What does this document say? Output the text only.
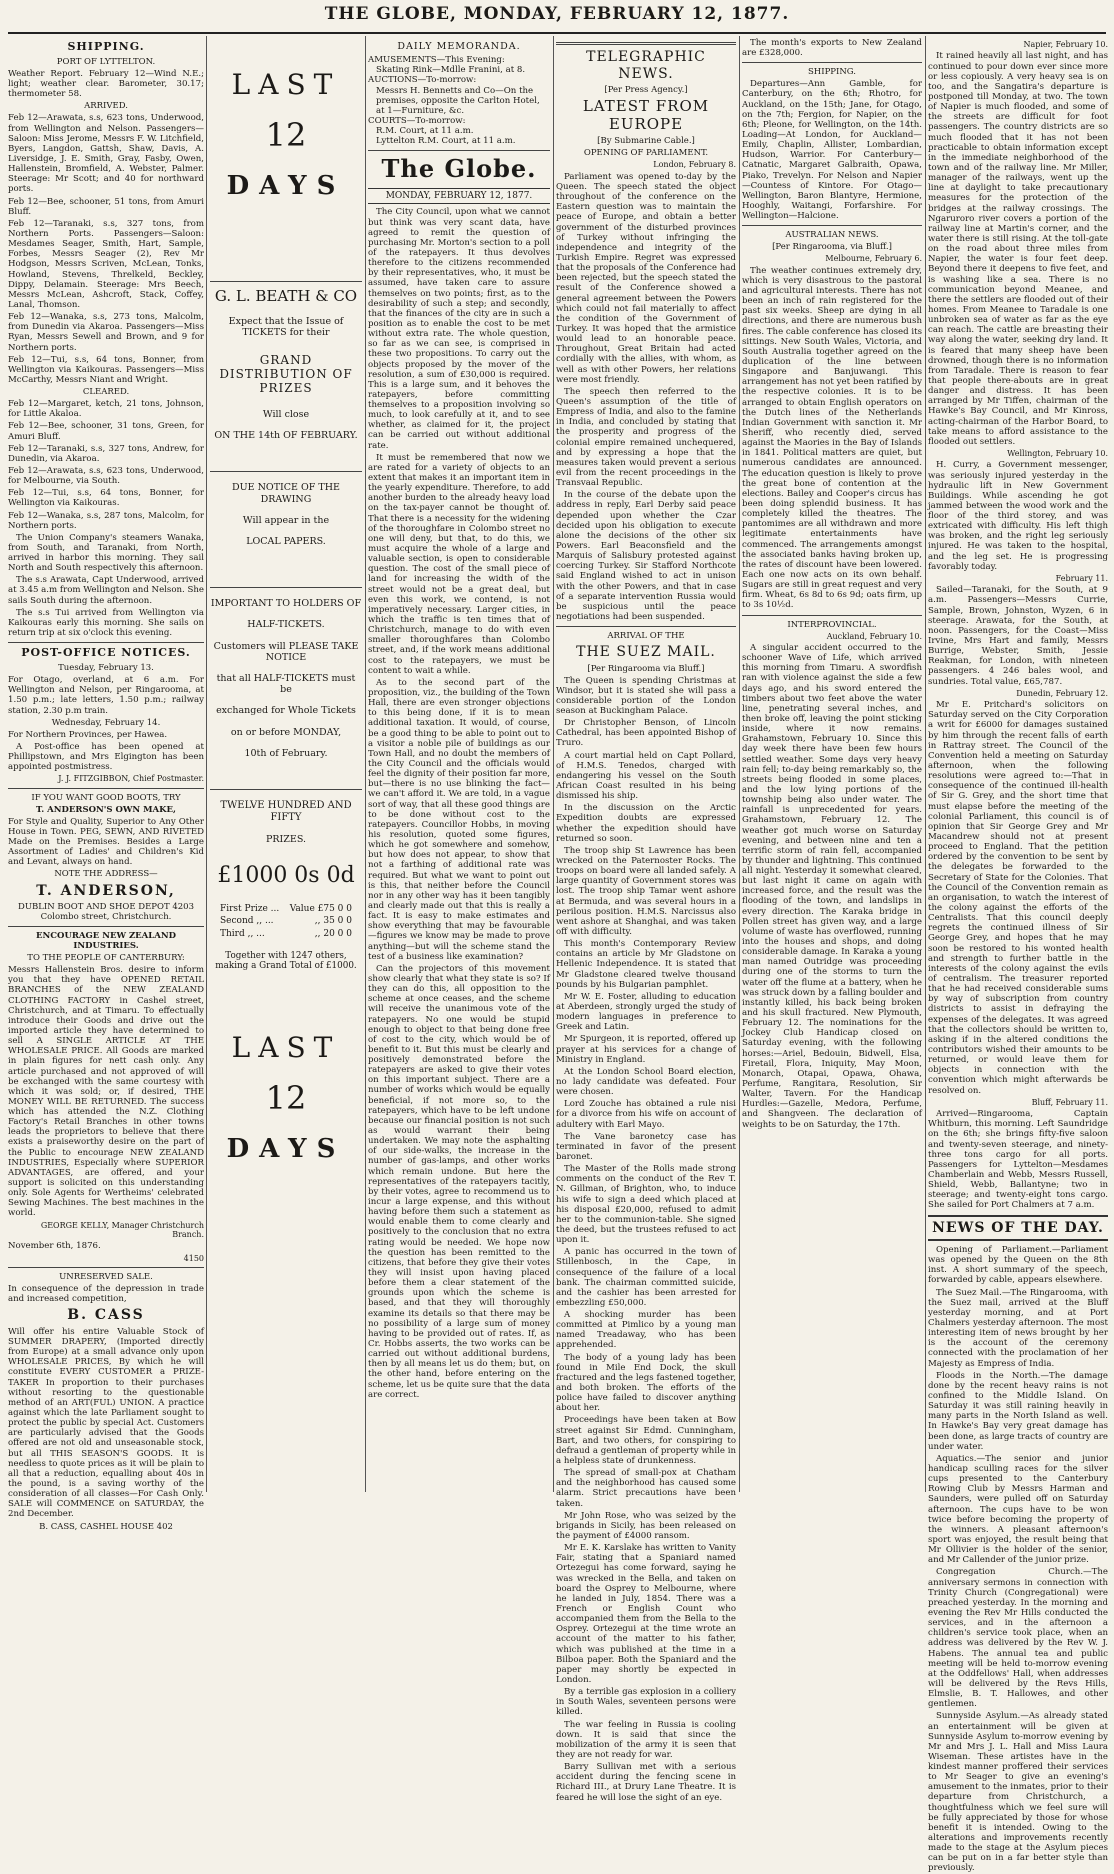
THE GLOBE, MONDAY, FEBRUARY 12, 1877.
SHIPPING.
PORT OF LYTTELTON.
Weather Report. February 12—Wind N.E.; light; weather clear. Barometer, 30.17; thermometer 58.
ARRIVED.
Feb 12—Arawata, s.s, 623 tons, Underwood, from Wellington and Nelson. Passengers—Saloon: Miss Jerome, Messrs F. W. Litchfield, Byers, Langdon, Gattsh, Shaw, Davis, A. Liversidge, J. E. Smith, Gray, Fasby, Owen, Hallenstein, Bromfield, A. Webster, Palmer. Steerage: Mr Scott; and 40 for northward ports.
Feb 12—Bee, schooner, 51 tons, from Amuri Bluff.
Feb 12—Taranaki, s.s, 327 tons, from Northern Ports. Passengers—Saloon: Mesdames Seager, Smith, Hart, Sample, Forbes, Messrs Seager (2), Rev Mr Hodgson, Messrs Scriven, McLean, Tonks, Howland, Stevens, Threlkeld, Beckley, Dippy, Delamain. Steerage: Mrs Beech, Messrs McLean, Ashcroft, Stack, Coffey, Lanal, Thomson.
Feb 12—Wanaka, s.s, 273 tons, Malcolm, from Dunedin via Akaroa. Passengers—Miss Ryan, Messrs Sewell and Brown, and 9 for Northern ports.
Feb 12—Tui, s.s, 64 tons, Bonner, from Wellington via Kaikouras. Passengers—Miss McCarthy, Messrs Niant and Wright.
CLEARED.
Feb 12—Margaret, ketch, 21 tons, Johnson, for Little Akaloa.
Feb 12—Bee, schooner, 31 tons, Green, for Amuri Bluff.
Feb 12—Taranaki, s.s, 327 tons, Andrew, for Dunedin, via Akaroa.
Feb 12—Arawata, s.s, 623 tons, Underwood, for Melbourne, via South.
Feb 12—Tui, s.s, 64 tons, Bonner, for Wellington via Kaikouras.
Feb 12—Wanaka, s.s, 287 tons, Malcolm, for Northern ports.
The Union Company's steamers Wanaka, from South, and Taranaki, from North, arrived in harbor this morning. They sail North and South respectively this afternoon.
The s.s Arawata, Capt Underwood, arrived at 3.45 a.m from Wellington and Nelson. She sails South during the afternoon.
The s.s Tui arrived from Wellington via Kaikouras early this morning. She sails on return trip at six o'clock this evening.
POST-OFFICE NOTICES.
Tuesday, February 13.
For Otago, overland, at 6 a.m. For Wellington and Nelson, per Ringarooma, at 1.50 p.m.; late letters, 1.50 p.m.; railway station, 2.30 p.m train.
Wednesday, February 14.
For Northern Provinces, per Hawea.
A Post-office has been opened at Phillipstown, and Mrs Elgington has been appointed postmistress.
J. J. FITZGIBBON, Chief Postmaster.
IF YOU WANT GOOD BOOTS, TRY
T. ANDERSON'S OWN MAKE,
For Style and Quality, Superior to Any Other House in Town. PEG, SEWN, AND RIVETED Made on the Premises. Besides a Large Assortment of Ladies' and Children's Kid and Levant, always on hand.
NOTE THE ADDRESS—
T. ANDERSON,
DUBLIN BOOT AND SHOE DEPOT 4203 Colombo street, Christchurch.
ENCOURAGE NEW ZEALAND INDUSTRIES.
TO THE PEOPLE OF CANTERBURY:
Messrs Hallenstein Bros. desire to inform you that they have OPENED RETAIL BRANCHES of the NEW ZEALAND CLOTHING FACTORY in Cashel street, Christchurch, and at Timaru. To effectually introduce their Goods and drive out the imported article they have determined to sell A SINGLE ARTICLE AT THE WHOLESALE PRICE. All Goods are marked in plain figures for nett cash only. Any article purchased and not approved of will be exchanged with the same courtesy with which it was sold; or, if desired, THE MONEY WILL BE RETURNED. The success which has attended the N.Z. Clothing Factory's Retail Branches in other towns leads the proprietors to believe that there exists a praiseworthy desire on the part of the Public to encourage NEW ZEALAND INDUSTRIES, Especially where SUPERIOR ADVANTAGES, are offered, and your support is solicited on this understanding only. Sole Agents for Wertheims' celebrated Sewing Machines. The best machines in the world.
GEORGE KELLY, Manager Christchurch Branch.
November 6th, 1876.
4150
UNRESERVED SALE.
In consequence of the depression in trade and increased competition,
B. CASS
Will offer his entire Valuable Stock of SUMMER DRAPERY, (Imported directly from Europe) at a small advance only upon WHOLESALE PRICES, By which he will constitute EVERY CUSTOMER a PRIZE-TAKER In proportion to their purchases without resorting to the questionable method of an ART(FUL) UNION. A practice against which the late Parliament sought to protect the public by special Act. Customers are particularly advised that the Goods offered are not old and unseasonable stock, but all THIS SEASON'S GOODS. It is needless to quote prices as it will be plain to all that a reduction, equalling about 40s in the pound, is a saving worthy of the consideration of all classes—For Cash Only. SALE will COMMENCE on SATURDAY, the 2nd December.
B. CASS, CASHEL HOUSE 402
LAST
12
DAYS
G. L. BEATH & CO
Expect that the Issue of TICKETS for their
GRAND DISTRIBUTION OF PRIZES
Will close
ON THE 14th OF FEBRUARY.
DUE NOTICE OF THE DRAWING
Will appear in the
LOCAL PAPERS.
IMPORTANT TO HOLDERS OF
HALF-TICKETS.
Customers will PLEASE TAKE NOTICE
that all HALF-TICKETS must be
exchanged for Whole Tickets
on or before MONDAY,
10th of February.
TWELVE HUNDRED AND FIFTY
PRIZES.
£1000 0s 0d
First Prize ... Value £75 0 0
Second ,, ...	,, 35 0 0
Third ,, ...	,, 20 0 0
Together with 1247 others, making a Grand Total of £1000.
LAST
12
DAYS
DAILY MEMORANDA.
AMUSEMENTS—This Evening:
Skating Rink—Mdlle Franini, at 8.
AUCTIONS—To-morrow:
Messrs H. Bennetts and Co—On the premises, opposite the Carlton Hotel, at 1—Furniture, &c.
COURTS—To-morrow:
R.M. Court, at 11 a.m.
Lyttelton R.M. Court, at 11 a.m.
The Globe.
MONDAY, FEBRUARY 12, 1877.
The City Council, upon what we cannot but think was very scant data, have agreed to remit the question of purchasing Mr. Morton's section to a poll of the ratepayers. It thus devolves therefore to the citizens recommended by their representatives, who, it must be assumed, have taken care to assure themselves on two points; first, as to the desirability of such a step; and secondly, that the finances of the city are in such a position as to enable the cost to be met without extra rate. The whole question, so far as we can see, is comprised in these two propositions. To carry out the objects proposed by the mover of the resolution, a sum of £30,000 is required. This is a large sum, and it behoves the ratepayers, before committing themselves to a proposition involving so much, to look carefully at it, and to see whether, as claimed for it, the project can be carried out without additional rate.
It must be remembered that now we are rated for a variety of objects to an extent that makes it an important item in the yearly expenditure. Therefore, to add another burden to the already heavy load on the tax-payer cannot be thought of. That there is a necessity for the widening of the thoroughfare in Colombo street no one will deny, but that, to do this, we must acquire the whole of a large and valuable section, is open to considerable question. The cost of the small piece of land for increasing the width of the street would not be a great deal, but even this work, we contend, is not imperatively necessary. Larger cities, in which the traffic is ten times that of Christchurch, manage to do with even smaller thoroughfares than Colombo street, and, if the work means additional cost to the ratepayers, we must be content to wait a while.
As to the second part of the proposition, viz., the building of the Town Hall, there are even stronger objections to this being done, if it is to mean additional taxation. It would, of course, be a good thing to be able to point out to a visitor a noble pile of buildings as our Town Hall, and no doubt the members of the City Council and the officials would feel the dignity of their position far more, but—there is no use blinking the fact—we can't afford it. We are told, in a vague sort of way, that all these good things are to be done without cost to the ratepayers. Councillor Hobbs, in moving his resolution, quoted some figures, which he got somewhere and somehow, but how does not appear, to show that not a farthing of additional rate was required. But what we want to point out is this, that neither before the Council nor in any other way has it been tangibly and clearly made out that this is really a fact. It is easy to make estimates and show everything that may be favourable—figures we know may be made to prove anything—but will the scheme stand the test of a business like examination?
Can the projectors of this movement show clearly that what they state is so? If they can do this, all opposition to the scheme at once ceases, and the scheme will receive the unanimous vote of the ratepayers. No one would be stupid enough to object to that being done free of cost to the city, which would be of benefit to it. But this must be clearly and positively demonstrated before the ratepayers are asked to give their votes on this important subject. There are a number of works which would be equally beneficial, if not more so, to the ratepayers, which have to be left undone because our financial position is not such as would warrant their being undertaken. We may note the asphalting of our side-walks, the increase in the number of gas-lamps, and other works which remain undone. But here the representatives of the ratepayers tacitly, by their votes, agree to recommend us to incur a large expense, and this without having before them such a statement as would enable them to come clearly and positively to the conclusion that no extra rating would be needed. We hope now the question has been remitted to the citizens, that before they give their votes they will insist upon having placed before them a clear statement of the grounds upon which the scheme is based, and that they will thoroughly examine its details so that there may be no possibility of a large sum of money having to be provided out of rates. If, as Cr. Hobbs asserts, the two works can be carried out without additional burdens, then by all means let us do them; but, on the other hand, before entering on the scheme, let us be quite sure that the data are correct.
TELEGRAPHIC NEWS.
[Per Press Agency.]
LATEST FROM EUROPE
[By Submarine Cable.]
OPENING OF PARLIAMENT.
London, February 8.
Parliament was opened to-day by the Queen. The speech stated the object throughout of the conference on the Eastern question was to maintain the peace of Europe, and obtain a better government of the disturbed provinces of Turkey without infringing the independence and integrity of the Turkish Empire. Regret was expressed that the proposals of the Conference had been rejected, but the speech stated the result of the Conference showed a general agreement between the Powers which could not fail materially to affect the condition of the Government of Turkey. It was hoped that the armistice would lead to an honorable peace. Throughout, Great Britain had acted cordially with the allies, with whom, as well as with other Powers, her relations were most friendly.
The speech then referred to the Queen's assumption of the title of Empress of India, and also to the famine in India, and concluded by stating that the prosperity and progress of the colonial empire remained unchequered, and by expressing a hope that the measures taken would prevent a serious evil from the recent proceedings in the Transvaal Republic.
In the course of the debate upon the address in reply, Earl Derby said peace depended upon whether the Czar decided upon his obligation to execute alone the decisions of the other six Powers. Earl Beaconsfield and the Marquis of Salisbury protested against coercing Turkey. Sir Stafford Northcote said England wished to act in unison with the other Powers, and that in case of a separate intervention Russia would be suspicious until the peace negotiations had been suspended.
ARRIVAL OF THE
THE SUEZ MAIL.
[Per Ringarooma via Bluff.]
The Queen is spending Christmas at Windsor, but it is stated she will pass a considerable portion of the London season at Buckingham Palace.
Dr Christopher Benson, of Lincoln Cathedral, has been appointed Bishop of Truro.
A court martial held on Capt Pollard, of H.M.S. Tenedos, charged with endangering his vessel on the South African Coast resulted in his being dismissed his ship.
In the discussion on the Arctic Expedition doubts are expressed whether the expedition should have returned so soon.
The troop ship St Lawrence has been wrecked on the Paternoster Rocks. The troops on board were all landed safely. A large quantity of Government stores was lost. The troop ship Tamar went ashore at Bermuda, and was several hours in a perilous position. H.M.S. Narcissus also went ashore at Shanghai, and was taken off with difficulty.
This month's Contemporary Review contains an article by Mr Gladstone on Hellenic Independence. It is stated that Mr Gladstone cleared twelve thousand pounds by his Bulgarian pamphlet.
Mr W. E. Foster, alluding to education at Aberdeen, strongly urged the study of modern languages in preference to Greek and Latin.
Mr Spurgeon, it is reported, offered up prayer at his services for a change of Ministry in England.
At the London School Board election, no lady candidate was defeated. Four were chosen.
Lord Zouche has obtained a rule nisi for a divorce from his wife on account of adultery with Earl Mayo.
The Vane baronetcy case has terminated in favor of the present baronet.
The Master of the Rolls made strong comments on the conduct of the Rev T. N. Gillman, of Brighton, who, to induce his wife to sign a deed which placed at his disposal £20,000, refused to admit her to the communion-table. She signed the deed, but the trustees refused to act upon it.
A panic has occurred in the town of Stillenbosch, in the Cape, in consequence of the failure of a local bank. The chairman committed suicide, and the cashier has been arrested for embezzling £50,000.
A shocking murder has been committed at Pimlico by a young man named Treadaway, who has been apprehended.
The body of a young lady has been found in Mile End Dock, the skull fractured and the legs fastened together, and both broken. The efforts of the police have failed to discover anything about her.
Proceedings have been taken at Bow street against Sir Edmd. Cunningham, Bart, and two others, for conspiring to defraud a gentleman of property while in a helpless state of drunkenness.
The spread of small-pox at Chatham and the neighborhood has caused some alarm. Strict precautions have been taken.
Mr John Rose, who was seized by the brigands in Sicily, has been released on the payment of £4000 ransom.
Mr E. K. Karslake has written to Vanity Fair, stating that a Spaniard named Ortezegui has come forward, saying he was wrecked in the Bella, and taken on board the Osprey to Melbourne, where he landed in July, 1854. There was a French or English Count who accompanied them from the Bella to the Osprey. Ortezegui at the time wrote an account of the matter to his father, which was published at the time in a Bilboa paper. Both the Spaniard and the paper may shortly be expected in London.
By a terrible gas explosion in a colliery in South Wales, seventeen persons were killed.
The war feeling in Russia is cooling down. It is said that since the mobilization of the army it is seen that they are not ready for war.
Barry Sullivan met with a serious accident during the fencing scene in Richard III., at Drury Lane Theatre. It is feared he will lose the sight of an eye.
The month's exports to New Zealand are £328,000.
SHIPPING.
Departures—Ann Gamble, for Canterbury, on the 6th; Rhotro, for Auckland, on the 15th; Jane, for Otago, on the 7th; Fergion, for Napier, on the 6th; Pleone, for Wellington, on the 14th. Loading—At London, for Auckland—Emily, Chaplin, Allister, Lombardian, Hudson, Warrior. For Canterbury—Catnatic, Margaret Galbraith, Opawa, Piako, Trevelyn. For Nelson and Napier—Countess of Kintore. For Otago—Wellington, Baron Blantyre, Hermione, Hooghly, Waitangi, Forfarshire. For Wellington—Halcione.
AUSTRALIAN NEWS.
[Per Ringarooma, via Bluff.]
Melbourne, February 6.
The weather continues extremely dry, which is very disastrous to the pastoral and agricultural interests. There has not been an inch of rain registered for the past six weeks. Sheep are dying in all directions, and there are numerous bush fires. The cable conference has closed its sittings. New South Wales, Victoria, and South Australia together agreed on the duplication of the line between Singapore and Banjuwangi. This arrangement has not yet been ratified by the respective colonies. It is to be arranged to obtain English operators on the Dutch lines of the Netherlands Indian Government with sanction it. Mr Sheriff, who recently died, served against the Maories in the Bay of Islands in 1841. Political matters are quiet, but numerous candidates are announced. The education question is likely to prove the great bone of contention at the elections. Bailey and Cooper's circus has been doing splendid business. It has completely killed the theatres. The pantomimes are all withdrawn and more legitimate entertainments have commenced. The arrangements amongst the associated banks having broken up, the rates of discount have been lowered. Each one now acts on its own behalf. Sugars are still in great request and very firm. Wheat, 6s 8d to 6s 9d; oats firm, up to 3s 10½d.
INTERPROVINCIAL.
Auckland, February 10.
A singular accident occurred to the schooner Wave of Life, which arrived this morning from Timaru. A swordfish ran with violence against the side a few days ago, and his sword entered the timbers about two feet above the water line, penetrating several inches, and then broke off, leaving the point sticking inside, where it now remains. Grahamstown, February 10. Since this day week there have been few hours settled weather. Some days very heavy rain fell; to-day being remarkably so, the streets being flooded in some places, and the low lying portions of the township being also under water. The rainfall is unprecedented for years. Grahamstown, February 12. The weather got much worse on Saturday evening, and between nine and ten a terrific storm of rain fell, accompanied by thunder and lightning. This continued all night. Yesterday it somewhat cleared, but last night it came on again with increased force, and the result was the flooding of the town, and landslips in every direction. The Karaka bridge in Pollen street has given way, and a large volume of waste has overflowed, running into the houses and shops, and doing considerable damage. In Karaka a young man named Outridge was proceeding during one of the storms to turn the water off the flume at a battery, when he was struck down by a falling boulder and instantly killed, his back being broken and his skull fractured. New Plymouth, February 12. The nominations for the Jockey Club Handicap closed on Saturday evening, with the following horses:—Ariel, Bedouin, Bidwell, Elsa, Firetail, Flora, Iniquity, May Moon, Monarch, Otapai, Opawa, Ohawa, Perfume, Rangitara, Resolution, Sir Walter, Tavern. For the Handicap Hurdles:—Gazelle, Medora, Perfume, and Shangveen. The declaration of weights to be on Saturday, the 17th.
Napier, February 10.
It rained heavily all last night, and has continued to pour down ever since more or less copiously. A very heavy sea is on too, and the Sangatira's departure is postponed till Monday, at two. The town of Napier is much flooded, and some of the streets are difficult for foot passengers. The country districts are so much flooded that it has not been practicable to obtain information except in the immediate neighborhood of the town and of the railway line. Mr Miller, manager of the railways, went up the line at daylight to take precautionary measures for the protection of the bridges at the railway crossings. The Ngaruroro river covers a portion of the railway line at Martin's corner, and the water there is still rising. At the toll-gate on the road about three miles from Napier, the water is four feet deep. Beyond there it deepens to five feet, and is washing like a sea. There is no communication beyond Meanee, and there the settlers are flooded out of their homes. From Meanee to Taradale is one unbroken sea of water as far as the eye can reach. The cattle are breasting their way along the water, seeking dry land. It is feared that many sheep have been drowned, though there is no information from Taradale. There is reason to fear that people there-abouts are in great danger and distress. It has been arranged by Mr Tiffen, chairman of the Hawke's Bay Council, and Mr Kinross, acting-chairman of the Harbor Board, to take means to afford assistance to the flooded out settlers.
Wellington, February 10.
H. Curry, a Government messenger, was seriously injured yesterday in the hydraulic lift in New Government Buildings. While ascending he got jammed between the wood work and the floor of the third storey, and was extricated with difficulty. His left thigh was broken, and the right leg seriously injured. He was taken to the hospital, and the leg set. He is progressing favorably today.
February 11.
Sailed—Taranaki, for the South, at 9 a.m. Passengers—Messrs Currie, Sample, Brown, Johnston, Wyzen, 6 in steerage. Arawata, for the South, at noon. Passengers, for the Coast—Miss Irvine, Mrs Hart and family, Messrs Burrige, Webster, Smith, Jessie Reakman, for London, with nineteen passengers. 4 246 bales wool, and sundries. Total value, £65,787.
Dunedin, February 12.
Mr E. Pritchard's solicitors on Saturday served on the City Corporation a writ for £6000 for damages sustained by him through the recent falls of earth in Rattray street. The Council of the Convention held a meeting on Saturday afternoon, when the following resolutions were agreed to:—That in consequence of the continued ill-health of Sir G. Grey, and the short time that must elapse before the meeting of the colonial Parliament, this council is of opinion that Sir George Grey and Mr Macandrew should not at present proceed to England. That the petition ordered by the convention to be sent by the delegates be forwarded to the Secretary of State for the Colonies. That the Council of the Convention remain as an organisation, to watch the interest of the colony against the efforts of the Centralists. That this council deeply regrets the continued illness of Sir George Grey, and hopes that he may soon be restored to his wonted health and strength to further battle in the interests of the colony against the evils of centralism. The treasurer reported that he had received considerable sums by way of subscription from country districts to assist in defraying the expenses of the delegates. It was agreed that the collectors should be written to, asking if in the altered conditions the contributors wished their amounts to be returned, or would leave them for objects in connection with the convention which might afterwards be resolved on.
Bluff, February 11.
Arrived—Ringarooma, Captain Whitburn, this morning. Left Saundridge on the 6th; she brings fifty-five saloon and twenty-seven steerage, and ninety-three tons cargo for all ports. Passengers for Lyttelton—Mesdames Chamberlain and Webb, Messrs Russell, Shield, Webb, Ballantyne; two in steerage; and twenty-eight tons cargo. She sailed for Port Chalmers at 7 a.m.
NEWS OF THE DAY.
Opening of Parliament.—Parliament was opened by the Queen on the 8th inst. A short summary of the speech, forwarded by cable, appears elsewhere.
The Suez Mail.—The Ringarooma, with the Suez mail, arrived at the Bluff yesterday morning, and at Port Chalmers yesterday afternoon. The most interesting item of news brought by her is the account of the ceremony connected with the proclamation of her Majesty as Empress of India.
Floods in the North.—The damage done by the recent heavy rains is not confined to the Middle Island. On Saturday it was still raining heavily in many parts in the North Island as well. In Hawke's Bay very great damage has been done, as large tracts of country are under water.
Aquatics.—The senior and junior handicap sculling races for the silver cups presented to the Canterbury Rowing Club by Messrs Harman and Saunders, were pulled off on Saturday afternoon. The cups have to be won twice before becoming the property of the winners. A pleasant afternoon's sport was enjoyed, the result being that Mr Ollivier is the holder of the senior, and Mr Callender of the junior prize.
Congregation Church.—The anniversary sermons in connection with Trinity Church (Congregational) were preached yesterday. In the morning and evening the Rev Mr Hills conducted the services, and in the afternoon a children's service took place, when an address was delivered by the Rev W. J. Habens. The annual tea and public meeting will be held to-morrow evening at the Oddfellows' Hall, when addresses will be delivered by the Revs Hills, Elmslie, B. T. Hallowes, and other gentlemen.
Sunnyside Asylum.—As already stated an entertainment will be given at Sunnyside Asylum to-morrow evening by Mr and Mrs J. L. Hall and Miss Laura Wiseman. These artistes have in the kindest manner proffered their services to Mr Seager to give an evening's amusement to the inmates, prior to their departure from Christchurch, a thoughtfulness which we feel sure will be fully appreciated by those for whose benefit it is intended. Owing to the alterations and improvements recently made to the stage at the Asylum pieces can be put on in a far better style than previously.
